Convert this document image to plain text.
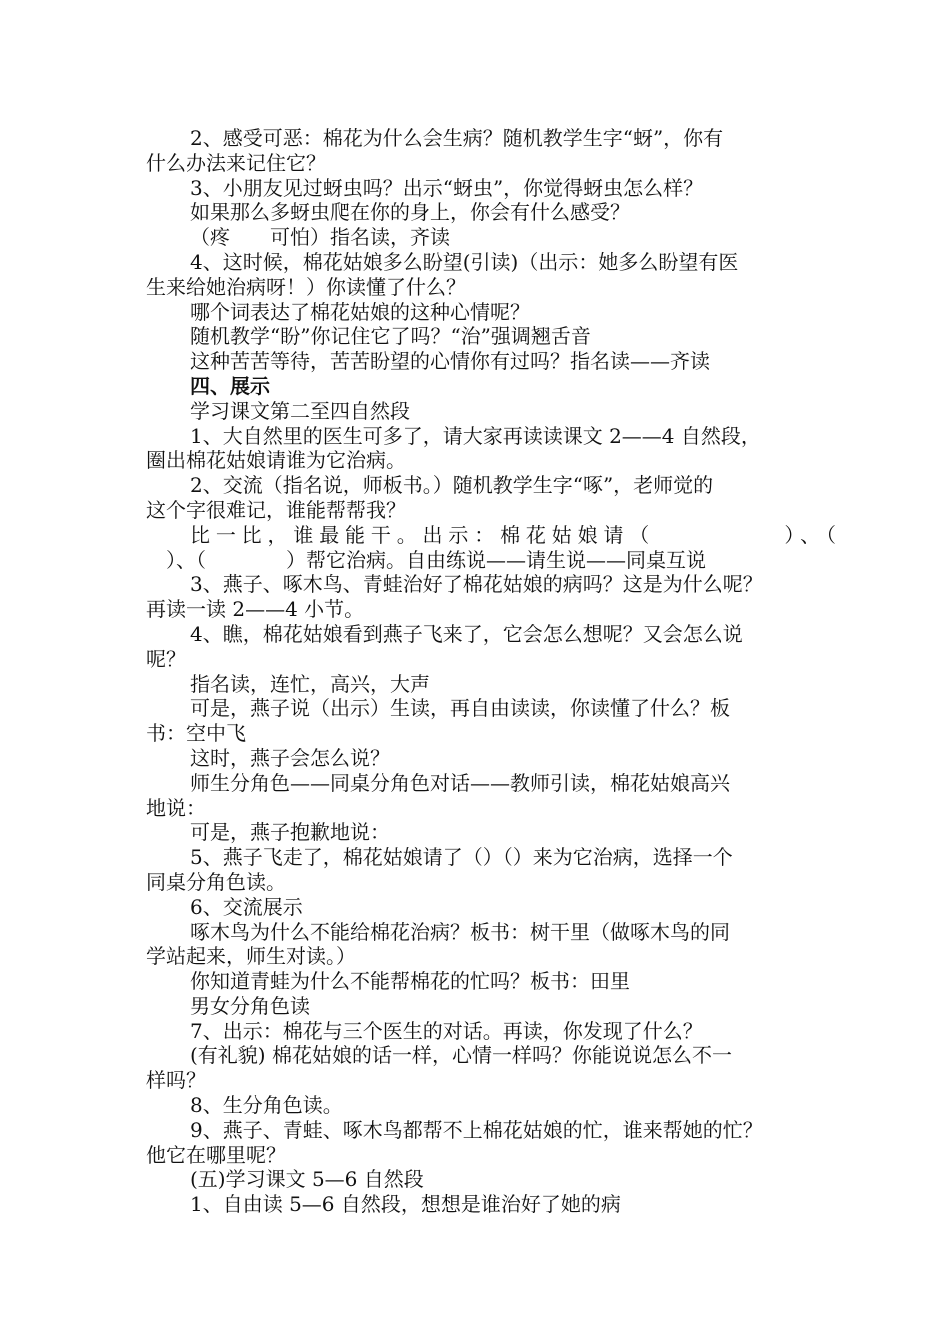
2、感受可恶：棉花为什么会生病？随机教学生字“蚜”，你有
什么办法来记住它？
3、小朋友见过蚜虫吗？出示“蚜虫”，你觉得蚜虫怎么样？
如果那么多蚜虫爬在你的身上，你会有什么感受？
（疼　　可怕）指名读，齐读
4、这时候，棉花姑娘多么盼望(引读)（出示：她多么盼望有医
生来给她治病呀！）你读懂了什么？
哪个词表达了棉花姑娘的这种心情呢？
随机教学“盼”你记住它了吗？“治”强调翘舌音
这种苦苦等待，苦苦盼望的心情你有过吗？指名读——齐读
四、展示
学习课文第二至四自然段
1、大自然里的医生可多了，请大家再读读课文 2——4 自然段，
圈出棉花姑娘请谁为它治病。
2、交流（指名说，师板书。）随机教学生字“啄”，老师觉的
这个字很难记，谁能帮帮我？
比一比，谁最能干。出示：棉花姑娘请（　　　　　）、（
　）、（　　　　）帮它治病。自由练说——请生说——同桌互说
3、燕子、啄木鸟、青蛙治好了棉花姑娘的病吗？这是为什么呢？
再读一读 2——4 小节。
4、瞧，棉花姑娘看到燕子飞来了，它会怎么想呢？又会怎么说
呢？
指名读，连忙，高兴，大声
可是，燕子说（出示）生读，再自由读读，你读懂了什么？板
书：空中飞
这时，燕子会怎么说？
师生分角色——同桌分角色对话——教师引读，棉花姑娘高兴
地说：
可是，燕子抱歉地说：
5、燕子飞走了，棉花姑娘请了（）（）来为它治病，选择一个
同桌分角色读。
6、交流展示
啄木鸟为什么不能给棉花治病？板书：树干里（做啄木鸟的同
学站起来，师生对读。）
你知道青蛙为什么不能帮棉花的忙吗？板书：田里
男女分角色读
7、出示：棉花与三个医生的对话。再读，你发现了什么？
(有礼貌) 棉花姑娘的话一样，心情一样吗？你能说说怎么不一
样吗？
8、生分角色读。
9、燕子、青蛙、啄木鸟都帮不上棉花姑娘的忙，谁来帮她的忙？
他它在哪里呢？
(五)学习课文 5—6 自然段
1、自由读 5—6 自然段，想想是谁治好了她的病
